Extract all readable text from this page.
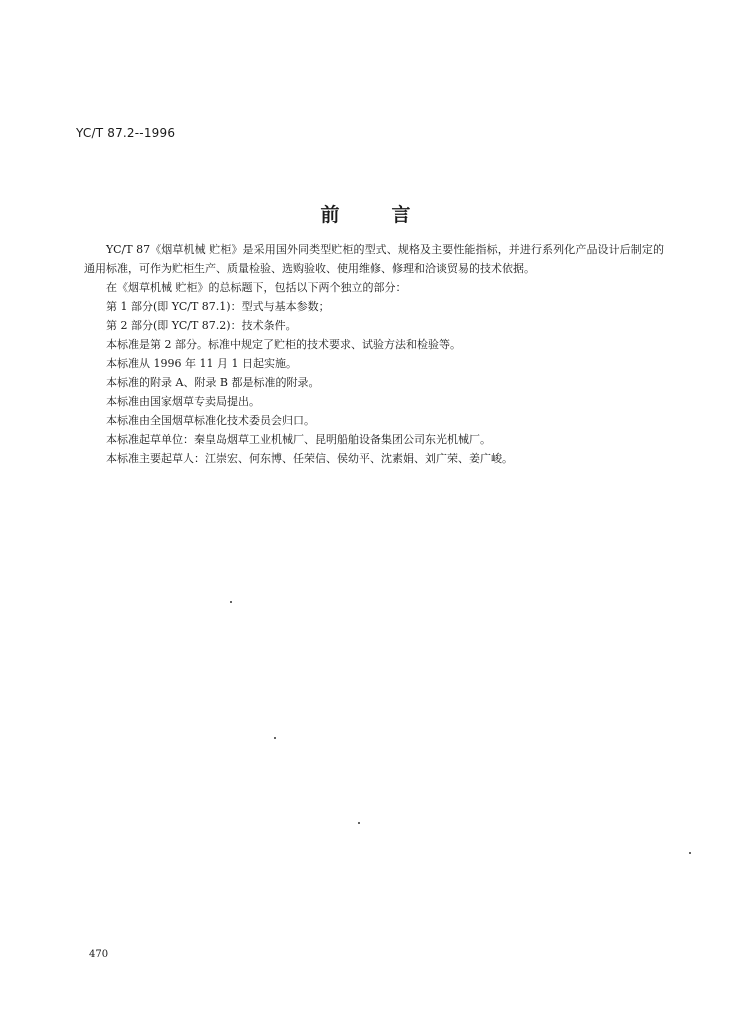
YC/T 87.2--1996
前言

YC/T 87《烟草机械 贮柜》是采用国外同类型贮柜的型式、规格及主要性能指标，并进行系列化产品设计后制定的通用标准，可作为贮柜生产、质量检验、选购验收、使用维修、修理和洽谈贸易的技术依据。

在《烟草机械 贮柜》的总标题下，包括以下两个独立的部分：

第 1 部分(即 YC/T 87.1)：型式与基本参数；

第 2 部分(即 YC/T 87.2)：技术条件。

本标准是第 2 部分。标准中规定了贮柜的技术要求、试验方法和检验等。

本标准从 1996 年 11 月 1 日起实施。

本标准的附录 A、附录 B 都是标准的附录。

本标准由国家烟草专卖局提出。

本标准由全国烟草标准化技术委员会归口。

本标准起草单位：秦皇岛烟草工业机械厂、昆明船舶设备集团公司东光机械厂。

本标准主要起草人：江崇宏、何东博、任荣信、侯幼平、沈素娟、刘广荣、姜广峻。

470
